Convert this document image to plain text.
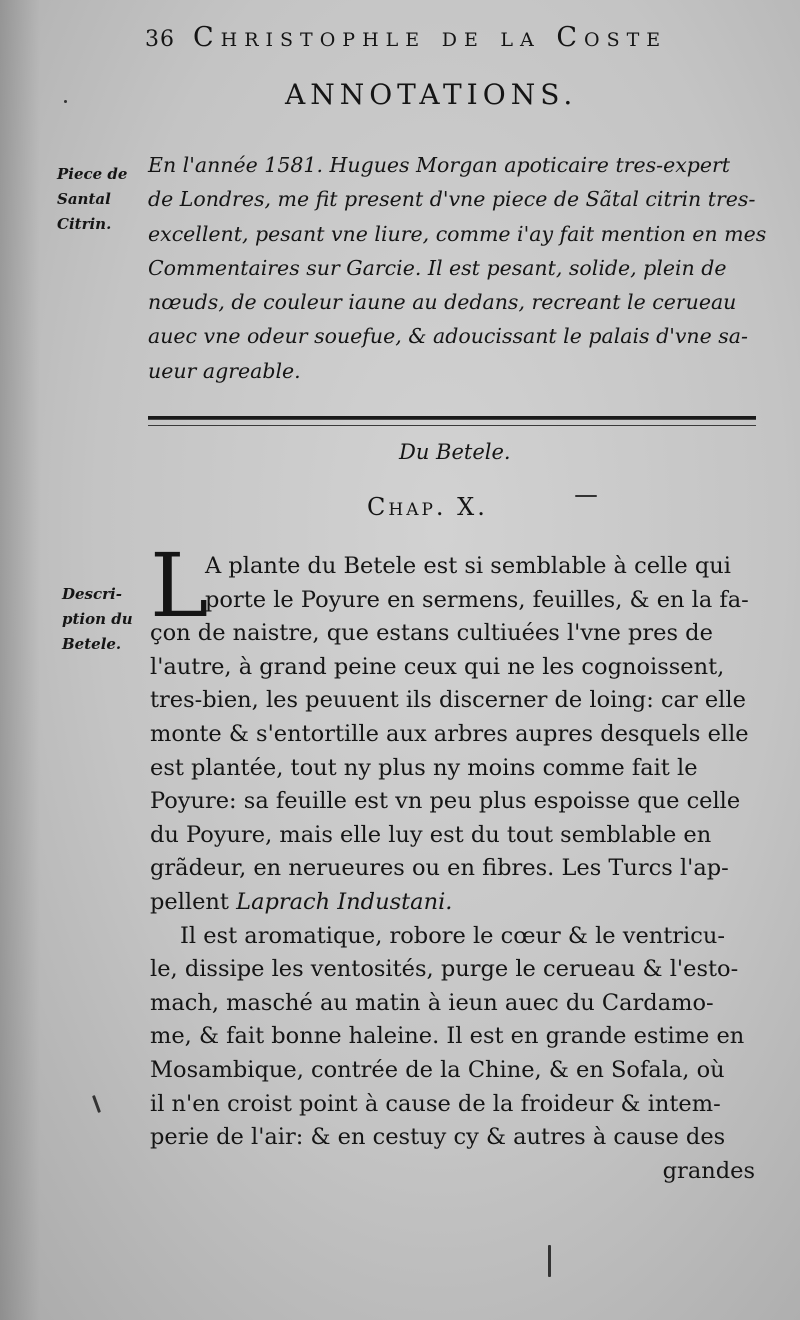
36 Christophle de la Coste
ANNOTATIONS.
Piece de
Santal
Citrin.
En l'année 1581. Hugues Morgan apoticaire tres-expert
de Londres, me fit present d'vne piece de Sãtal citrin tres-
excellent, pesant vne liure, comme i'ay fait mention en mes
Commentaires sur Garcie. Il est pesant, solide, plein de
nœuds, de couleur iaune au dedans, recreant le cerueau
auec vne odeur souefue, & adoucissant le palais d'vne sa-
ueur agreable.
Du Betele.
Chap. X.
Descri-
ption du
Betele.
L
A plante du Betele est si semblable à celle qui
porte le Poyure en sermens, feuilles, & en la fa-
çon de naistre, que estans cultiuées l'vne pres de
l'autre, à grand peine ceux qui ne les cognoissent,
tres-bien, les peuuent ils discerner de loing: car elle
monte & s'entortille aux arbres aupres desquels elle
est plantée, tout ny plus ny moins comme fait le
Poyure: sa feuille est vn peu plus espoisse que celle
du Poyure, mais elle luy est du tout semblable en
grãdeur, en nerueures ou en fibres. Les Turcs l'ap-
pellent Laprach Industani.
Il est aromatique, robore le cœur & le ventricu-
le, dissipe les ventosités, purge le cerueau & l'esto-
mach, masché au matin à ieun auec du Cardamo-
me, & fait bonne haleine. Il est en grande estime en
Mosambique, contrée de la Chine, & en Sofala, où
il n'en croist point à cause de la froideur & intem-
perie de l'air: & en cestuy cy & autres à cause des
grandes
